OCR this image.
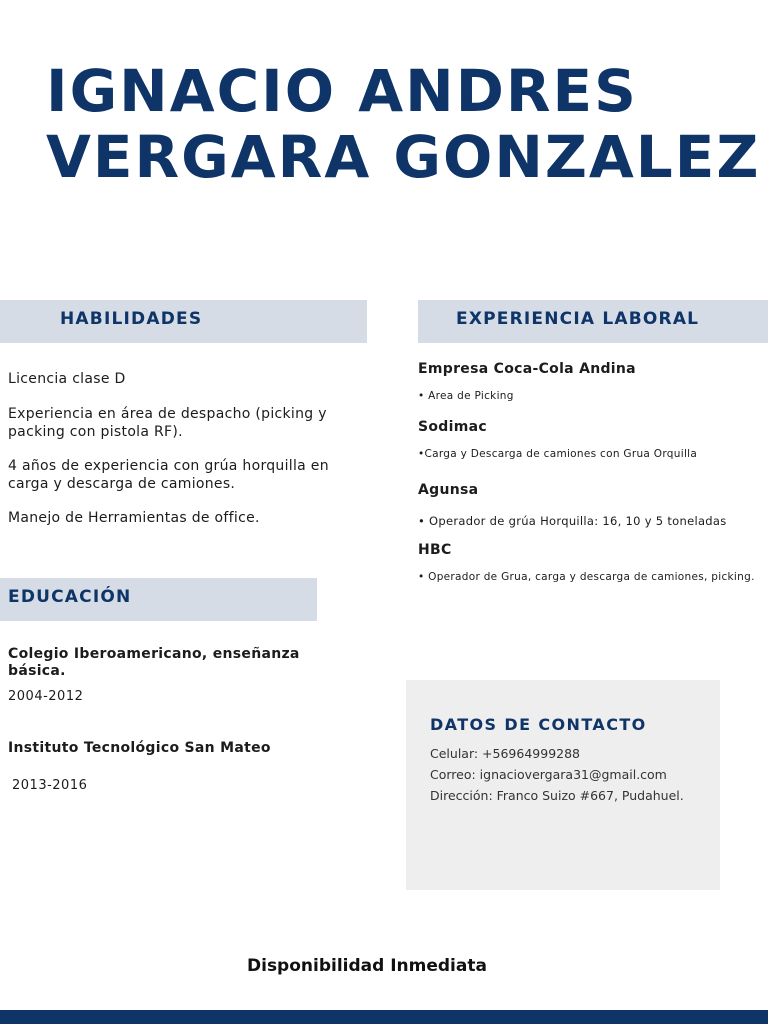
IGNACIO ANDRES
VERGARA GONZALEZ
HABILIDADES
Licencia clase D
Experiencia en área de despacho (picking y packing con pistola RF).
4 años de experiencia con grúa horquilla en carga y descarga de camiones.
Manejo de Herramientas de office.
EXPERIENCIA LABORAL
Empresa Coca-Cola Andina
• Area de Picking
Sodimac
•Carga y Descarga de camiones con Grua Orquilla
Agunsa
• Operador de grúa Horquilla: 16, 10 y 5 toneladas
HBC
• Operador de Grua, carga y descarga de camiones, picking.
EDUCACIÓN
Colegio Iberoamericano, enseñanza básica.
2004-2012
Instituto Tecnológico San Mateo
2013-2016
DATOS DE CONTACTO
Celular: +56964999288
Correo: ignaciovergara31@gmail.com
Dirección: Franco Suizo #667, Pudahuel.
Disponibilidad Inmediata
